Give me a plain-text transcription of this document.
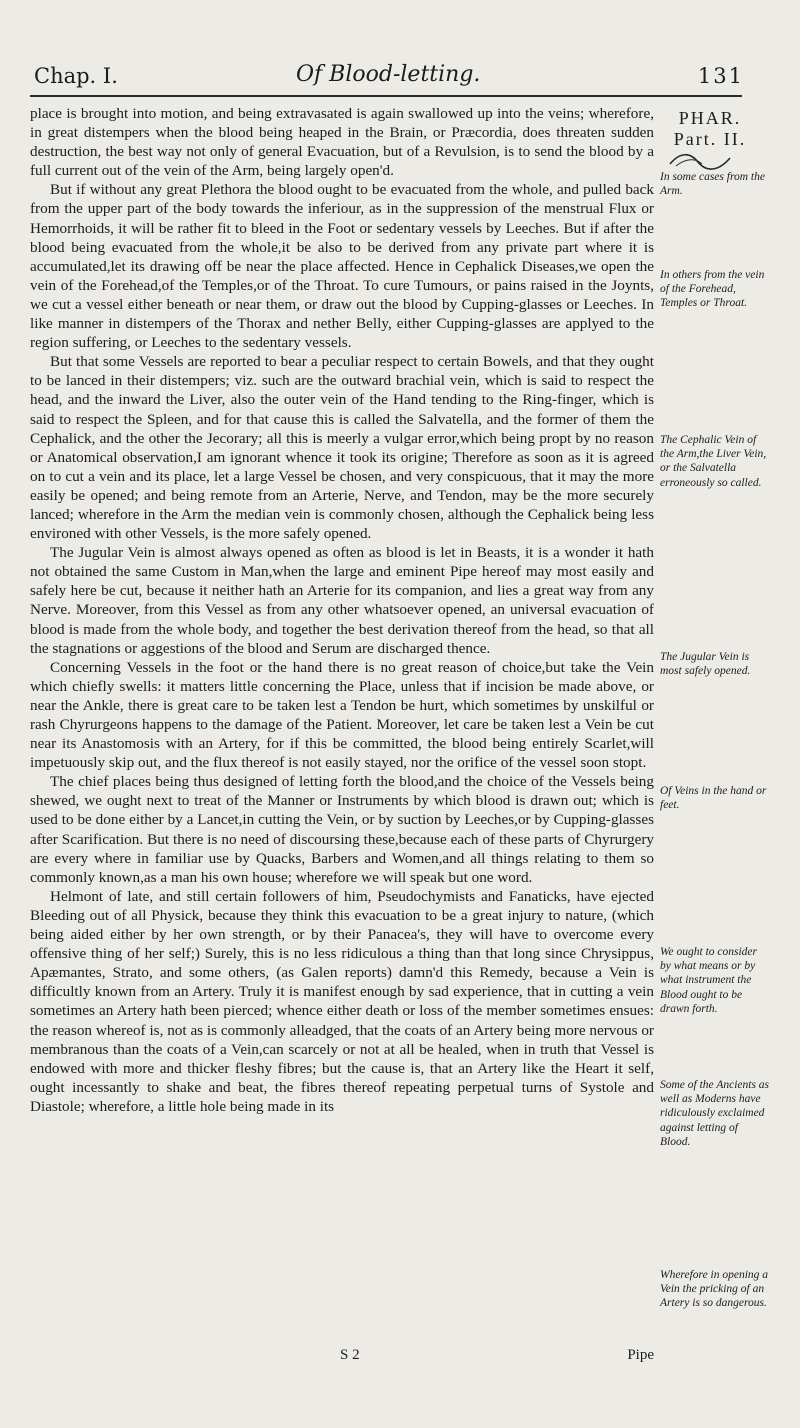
Chap. I.	Of Blood-letting.	131

place is brought into motion, and being extravasated is again swallowed up into the veins; wherefore, in great distempers when the blood being heaped in the Brain, or Præcordia, does threaten sudden destruction, the best way not only of general Evacuation, but of a Revulsion, is to send the blood by a full current out of the vein of the Arm, being largely open'd.

But if without any great Plethora the blood ought to be evacuated from the whole, and pulled back from the upper part of the body towards the inferiour, as in the suppression of the menstrual Flux or Hemorrhoids, it will be rather fit to bleed in the Foot or sedentary vessels by Leeches. But if after the blood being evacuated from the whole,it be also to be derived from any private part where it is accumulated,let its drawing off be near the place affected. Hence in Cephalick Diseases,we open the vein of the Forehead,of the Temples,or of the Throat. To cure Tumours, or pains raised in the Joynts, we cut a vessel either beneath or near them, or draw out the blood by Cupping-glasses or Leeches. In like manner in distempers of the Thorax and nether Belly, either Cupping-glasses are applyed to the region suffering, or Leeches to the sedentary vessels.

But that some Vessels are reported to bear a peculiar respect to certain Bowels, and that they ought to be lanced in their distempers; viz. such are the outward brachial vein, which is said to respect the head, and the inward the Liver, also the outer vein of the Hand tending to the Ring-finger, which is said to respect the Spleen, and for that cause this is called the Salvatella, and the former of them the Cephalick, and the other the Jecorary; all this is meerly a vulgar error,which being propt by no reason or Anatomical observation,I am ignorant whence it took its origine; Therefore as soon as it is agreed on to cut a vein and its place, let a large Vessel be chosen, and very conspicuous, that it may the more easily be opened; and being remote from an Arterie, Nerve, and Tendon, may be the more securely lanced; wherefore in the Arm the median vein is commonly chosen, although the Cephalick being less environed with other Vessels, is the more safely opened.

The Jugular Vein is almost always opened as often as blood is let in Beasts, it is a wonder it hath not obtained the same Custom in Man,when the large and eminent Pipe hereof may most easily and safely here be cut, because it neither hath an Arterie for its companion, and lies a great way from any Nerve. Moreover, from this Vessel as from any other whatsoever opened, an universal evacuation of blood is made from the whole body, and together the best derivation thereof from the head, so that all the stagnations or aggestions of the blood and Serum are discharged thence.

Concerning Vessels in the foot or the hand there is no great reason of choice,but take the Vein which chiefly swells: it matters little concerning the Place, unless that if incision be made above, or near the Ankle, there is great care to be taken lest a Tendon be hurt, which sometimes by unskilful or rash Chyrurgeons happens to the damage of the Patient. Moreover, let care be taken lest a Vein be cut near its Anastomosis with an Artery, for if this be committed, the blood being entirely Scarlet,will impetuously skip out, and the flux thereof is not easily stayed, nor the orifice of the vessel soon stopt.

The chief places being thus designed of letting forth the blood,and the choice of the Vessels being shewed, we ought next to treat of the Manner or Instruments by which blood is drawn out; which is used to be done either by a Lancet,in cutting the Vein, or by suction by Leeches,or by Cupping-glasses after Scarification. But there is no need of discoursing these,because each of these parts of Chyrurgery are every where in familiar use by Quacks, Barbers and Women,and all things relating to them so commonly known,as a man his own house; wherefore we will speak but one word.

Helmont of late, and still certain followers of him, Pseudochymists and Fanaticks, have ejected Bleeding out of all Physick, because they think this evacuation to be a great injury to nature, (which being aided either by her own strength, or by their Panacea's, they will have to overcome every offensive thing of her self;) Surely, this is no less ridiculous a thing than that long since Chrysippus, Apæmantes, Strato, and some others, (as Galen reports) damn'd this Remedy, because a Vein is difficultly known from an Artery. Truly it is manifest enough by sad experience, that in cutting a vein sometimes an Artery hath been pierced; whence either death or loss of the member sometimes ensues: the reason whereof is, not as is commonly alleadged, that the coats of an Artery being more nervous or membranous than the coats of a Vein,can scarcely or not at all be healed, when in truth that Vessel is endowed with more and thicker fleshy fibres; but the cause is, that an Artery like the Heart it self, ought incessantly to shake and beat, the fibres thereof repeating perpetual turns of Systole and Diastole; wherefore, a little hole being made in its

PHAR.
Part. II.
In some cases from the Arm.
In others from the vein of the Forehead, Temples or Throat.
The Cephalic Vein of the Arm,the Liver Vein, or the Salvatella erroneously so called.
The Jugular Vein is most safely opened.
Of Veins in the hand or feet.
We ought to consider by what means or by what instrument the Blood ought to be drawn forth.
Some of the Ancients as well as Moderns have ridiculously exclaimed against letting of Blood.
Wherefore in opening a Vein the pricking of an Artery is so dangerous.
S 2	Pipe
